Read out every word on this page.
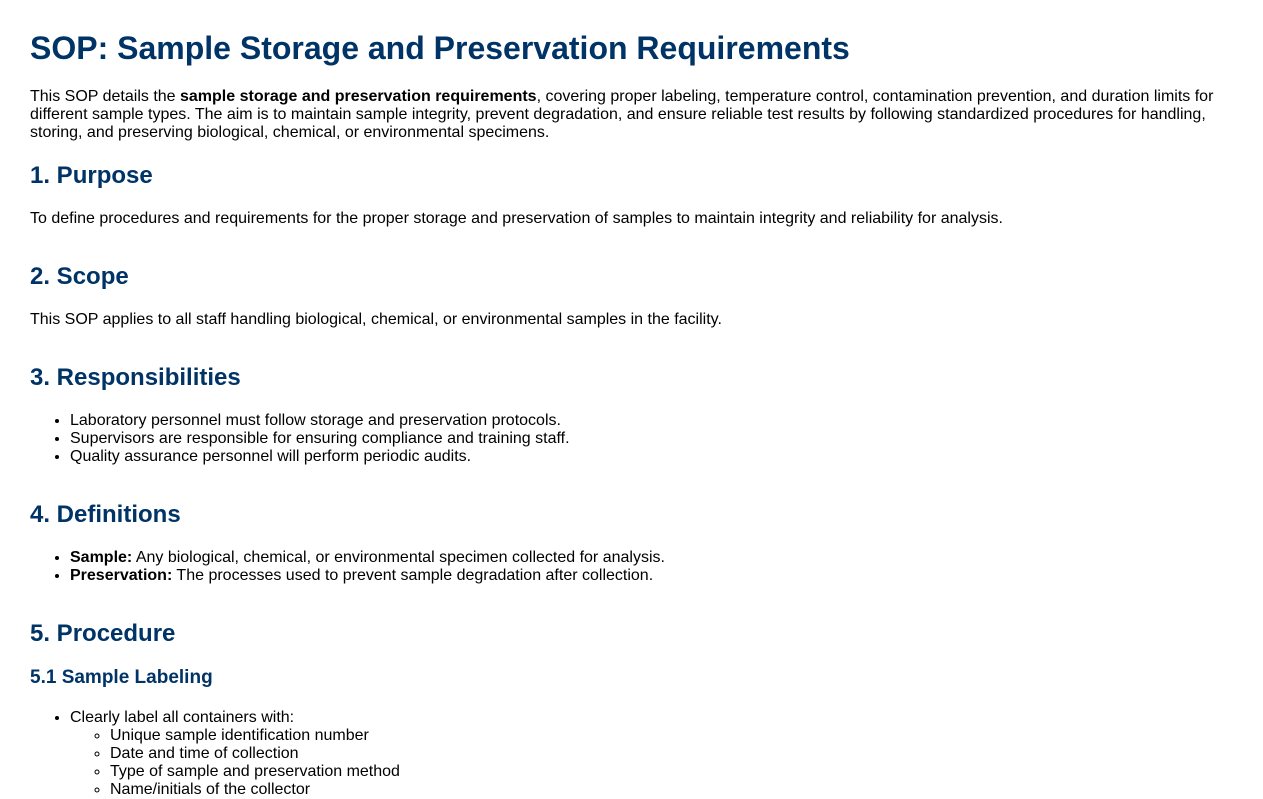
SOP: Sample Storage and Preservation Requirements

This SOP details the sample storage and preservation requirements, covering proper labeling, temperature control, contamination prevention, and duration limits for different sample types. The aim is to maintain sample integrity, prevent degradation, and ensure reliable test results by following standardized procedures for handling, storing, and preserving biological, chemical, or environmental specimens.

1. Purpose

To define procedures and requirements for the proper storage and preservation of samples to maintain integrity and reliability for analysis.

2. Scope

This SOP applies to all staff handling biological, chemical, or environmental samples in the facility.

3. Responsibilities
• Laboratory personnel must follow storage and preservation protocols.
• Supervisors are responsible for ensuring compliance and training staff.
• Quality assurance personnel will perform periodic audits.
4. Definitions
• Sample: Any biological, chemical, or environmental specimen collected for analysis.
• Preservation: The processes used to prevent sample degradation after collection.
5. Procedure
5.1 Sample Labeling
• Clearly label all containers with:
◦ Unique sample identification number
◦ Date and time of collection
◦ Type of sample and preservation method
◦ Name/initials of the collector
